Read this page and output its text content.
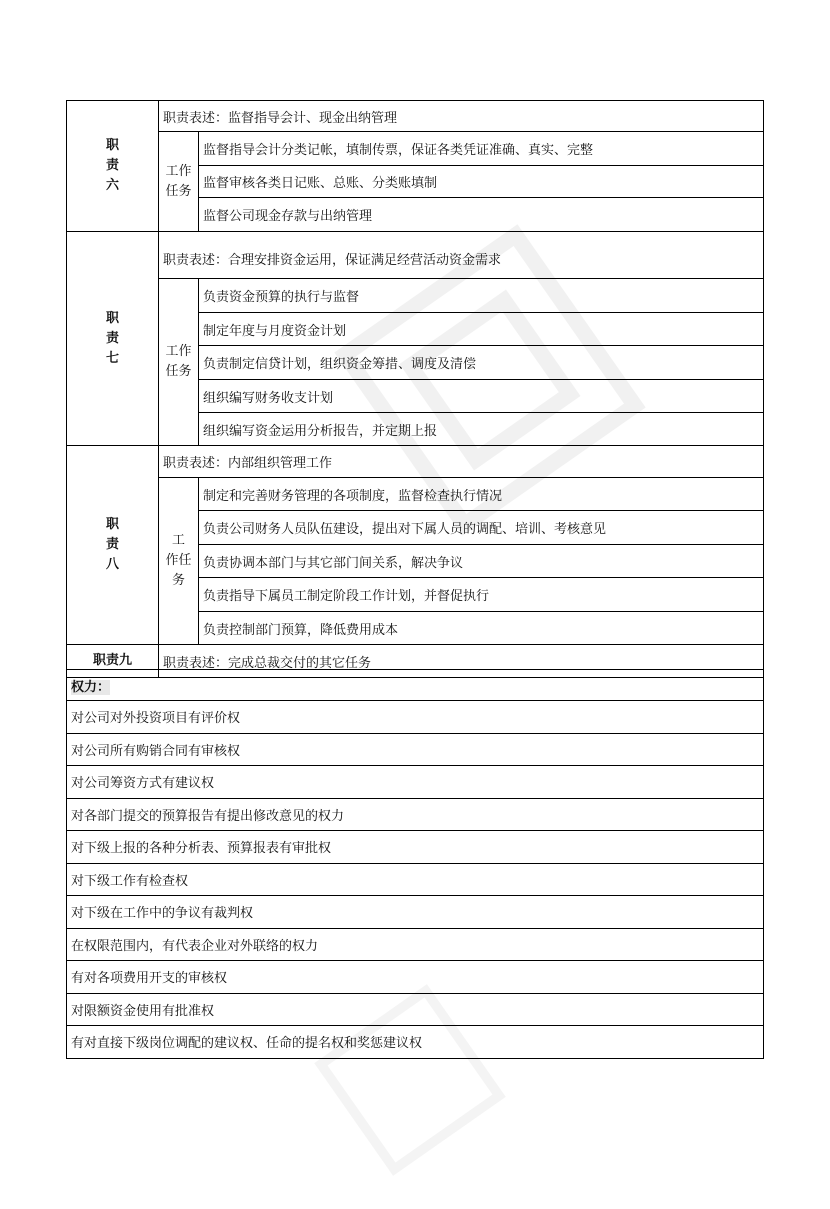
职责六	职责表述：监督指导会计、现金出纳管理	

	工作任务	监督指导会计分类记帐，填制传票，保证各类凭证准确、真实、完整
		监督审核各类日记账、总账、分类账填制
		监督公司现金存款与出纳管理

职责七	职责表述：合理安排资金运用，保证满足经营活动资金需求	

	工作任务	负责资金预算的执行与监督
		制定年度与月度资金计划
		负责制定信贷计划，组织资金筹措、调度及清偿
		组织编写财务收支计划
		组织编写资金运用分析报告，并定期上报

职责八	职责表述：内部组织管理工作	

	工 作任务	制定和完善财务管理的各项制度，监督检查执行情况
		负责公司财务人员队伍建设，提出对下属人员的调配、培训、考核意见
		负责协调本部门与其它部门间关系，解决争议
		负责指导下属员工制定阶段工作计划，并督促执行
		负责控制部门预算，降低费用成本
职责九	职责表述：完成总裁交付的其它任务	
权力：
对公司对外投资项目有评价权
对公司所有购销合同有审核权
对公司筹资方式有建议权
对各部门提交的预算报告有提出修改意见的权力
对下级上报的各种分析表、预算报表有审批权
对下级工作有检查权
对下级在工作中的争议有裁判权
在权限范围内，有代表企业对外联络的权力
有对各项费用开支的审核权
对限额资金使用有批准权
有对直接下级岗位调配的建议权、任命的提名权和奖惩建议权
